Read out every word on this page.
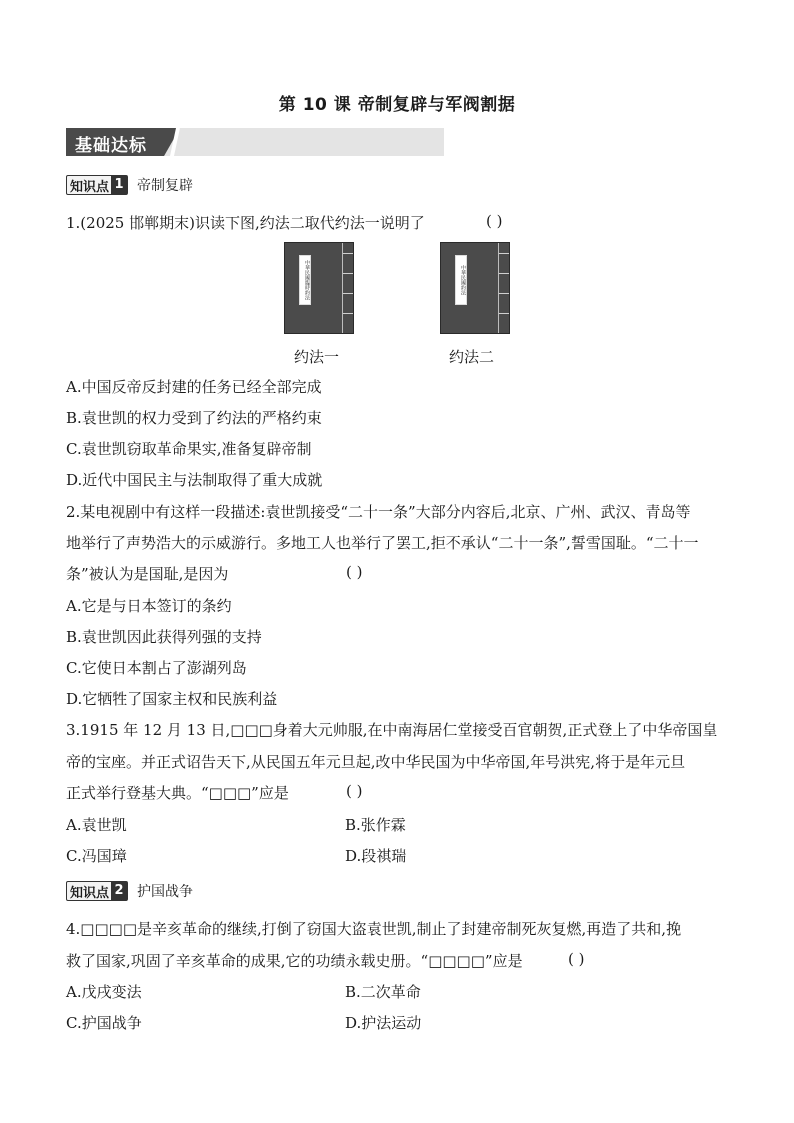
第 10 课 帝制复辟与军阀割据
基础达标
知识点 1 帝制复辟
1.(2025 邯郸期末)识读下图,约法二取代约法一说明了	( )
中華民國臨時約法	中華民國約法
约法一	约法二
A.中国反帝反封建的任务已经全部完成
B.袁世凯的权力受到了约法的严格约束
C.袁世凯窃取革命果实,准备复辟帝制
D.近代中国民主与法制取得了重大成就
2.某电视剧中有这样一段描述:袁世凯接受“二十一条”大部分内容后,北京、广州、武汉、青岛等
地举行了声势浩大的示威游行。多地工人也举行了罢工,拒不承认“二十一条”,誓雪国耻。“二十一
条”被认为是国耻,是因为	( )
A.它是与日本签订的条约
B.袁世凯因此获得列强的支持
C.它使日本割占了澎湖列岛
D.它牺牲了国家主权和民族利益
3.1915 年 12 月 13 日,□□□身着大元帅服,在中南海居仁堂接受百官朝贺,正式登上了中华帝国皇
帝的宝座。并正式诏告天下,从民国五年元旦起,改中华民国为中华帝国,年号洪宪,将于是年元旦
正式举行登基大典。“□□□”应是	( )
A.袁世凯	B.张作霖
C.冯国璋	D.段祺瑞
知识点 2 护国战争
4.□□□□是辛亥革命的继续,打倒了窃国大盗袁世凯,制止了封建帝制死灰复燃,再造了共和,挽
救了国家,巩固了辛亥革命的成果,它的功绩永载史册。“□□□□”应是	( )
A.戊戌变法	B.二次革命
C.护国战争	D.护法运动
